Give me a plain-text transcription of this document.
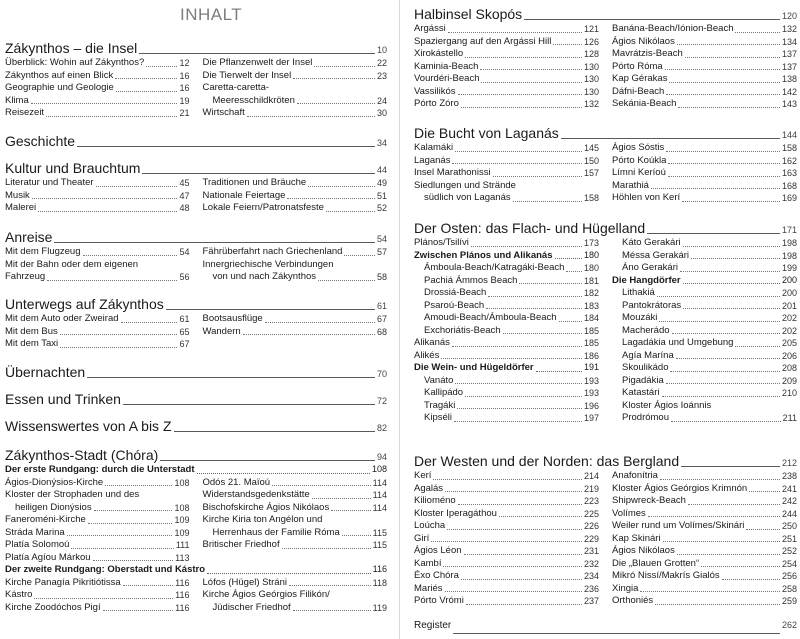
INHALT
Zákynthos – die Insel	10
Überblick: Wohin auf Zákynthos?	12 Die Pflanzenwelt der Insel	22
Zákynthos auf einen Blick	16 Die Tierwelt der Insel	23
Geographie und Geologie	16 Caretta-caretta-
Klima	19	Meeresschildkröten	24
Reisezeit	21 Wirtschaft	30
Geschichte	34
Kultur und Brauchtum	44
Literatur und Theater	45 Traditionen und Bräuche	49
Musik	47 Nationale Feiertage	51
Malerei	48 Lokale Feiern/Patronatsfeste	52
Anreise	54
Mit dem Flugzeug	54 Fährüberfahrt nach Griechenland	57
Mit der Bahn oder dem eigenen	Innergriechische Verbindungen
Fahrzeug	56	von und nach Zákynthos	58
Unterwegs auf Zákynthos	61
Mit dem Auto oder Zweirad	61 Bootsausflüge	67
Mit dem Bus	65 Wandern	68
Mit dem Taxi	67
Übernachten	70
Essen und Trinken	72
Wissenswertes von A bis Z	82
Zákynthos-Stadt (Chóra)	94
Der erste Rundgang: durch die Unterstadt	108
Ágios-Dionýsios-Kirche	108 Odós 21. Maïoú	114
Kloster der Strophaden und des	Widerstandsgedenkstätte	114
heiligen Dionýsios	108 Bischofskirche Ágios Nikólaos	114
Faneroméni-Kirche	109 Kirche Kiria ton Angélon und
Stráda Marina	109	Herrenhaus der Familie Róma	115
Platía Solomoú	111 Britischer Friedhof	115
Platía Agíou Márkou	113
Der zweite Rundgang: Oberstadt und Kástro	116
Kirche Panagía Pikritiótissa	116 Lófos (Hügel) Stráni	118
Kástro	116 Kirche Ágios Geórgios Filikón/
Kirche Zoodóchos Pigí	116	Jüdischer Friedhof	119
Halbinsel Skopós	120
Argássi	121 Banána-Beach/Iónion-Beach	132
Spaziergang auf den Argássi Hill	126 Ágios Nikólaos	134
Xirokástello	128 Mavrátzis-Beach	137
Kaminia-Beach	130 Pórto Róma	137
Vourdéri-Beach	130 Kap Gérakas	138
Vassilikós	130 Dáfni-Beach	142
Pórto Zóro	132 Sekánia-Beach	143
Die Bucht von Laganás	144
Kalamáki	145 Ágios Sóstis	158
Laganás	150 Pórto Koúkla	162
Insel Marathonissi	157 Límni Keríoú	163
Siedlungen und Strände	Marathiá	168
südlich von Laganás	158 Höhlen von Kerí	169
Der Osten: das Flach- und Hügelland	171
Plános/Tsilívi	173	Káto Gerakári	198
Zwischen Plános und Alikanás	180	Méssa Gerakári	198
Ámboula-Beach/Katragáki-Beach 180	Áno Gerakári	199
Pachiá Ámmos Beach	181 Die Hangdörfer	200
Drossiá-Beach	182	Lithakiá	200
Psaroú-Beach	183	Pantokrátoras	201
Amoudi-Beach/Ámboula-Beach	184	Mouzáki	202
Exchoriátis-Beach	185	Macherádo	202
Alikanás	185	Lagadákia und Umgebung	205
Alikés	186	Agía Marína	206
Die Wein- und Hügeldörfer	191	Skoulikádo	208
Vanáto	193	Pigadákia	209
Kallipádo	193	Katastári	210
Tragáki	196	Kloster Ágios Ioánnis
Kipséli	197	Prodrómou	211
Der Westen und der Norden: das Bergland	212
Kerí	214 Anafonítria	238
Agalás	219 Kloster Ágios Geórgios Krimnón	241
Kilioméno	223 Shipwreck-Beach	242
Kloster Iperagáthou	225 Volímes	244
Loúcha	226 Weiler rund um Volímes/Skinári	250
Girí	229 Kap Skinári	251
Ágios Léon	231 Ágios Nikólaos	252
Kambí	232 Die „Blauen Grotten“	254
Éxo Chóra	234 Mikró Nissí/Makrís Gialós	256
Mariés	236 Xingia	258
Pórto Vrómi	237 Orthoniés	259
Register	262
